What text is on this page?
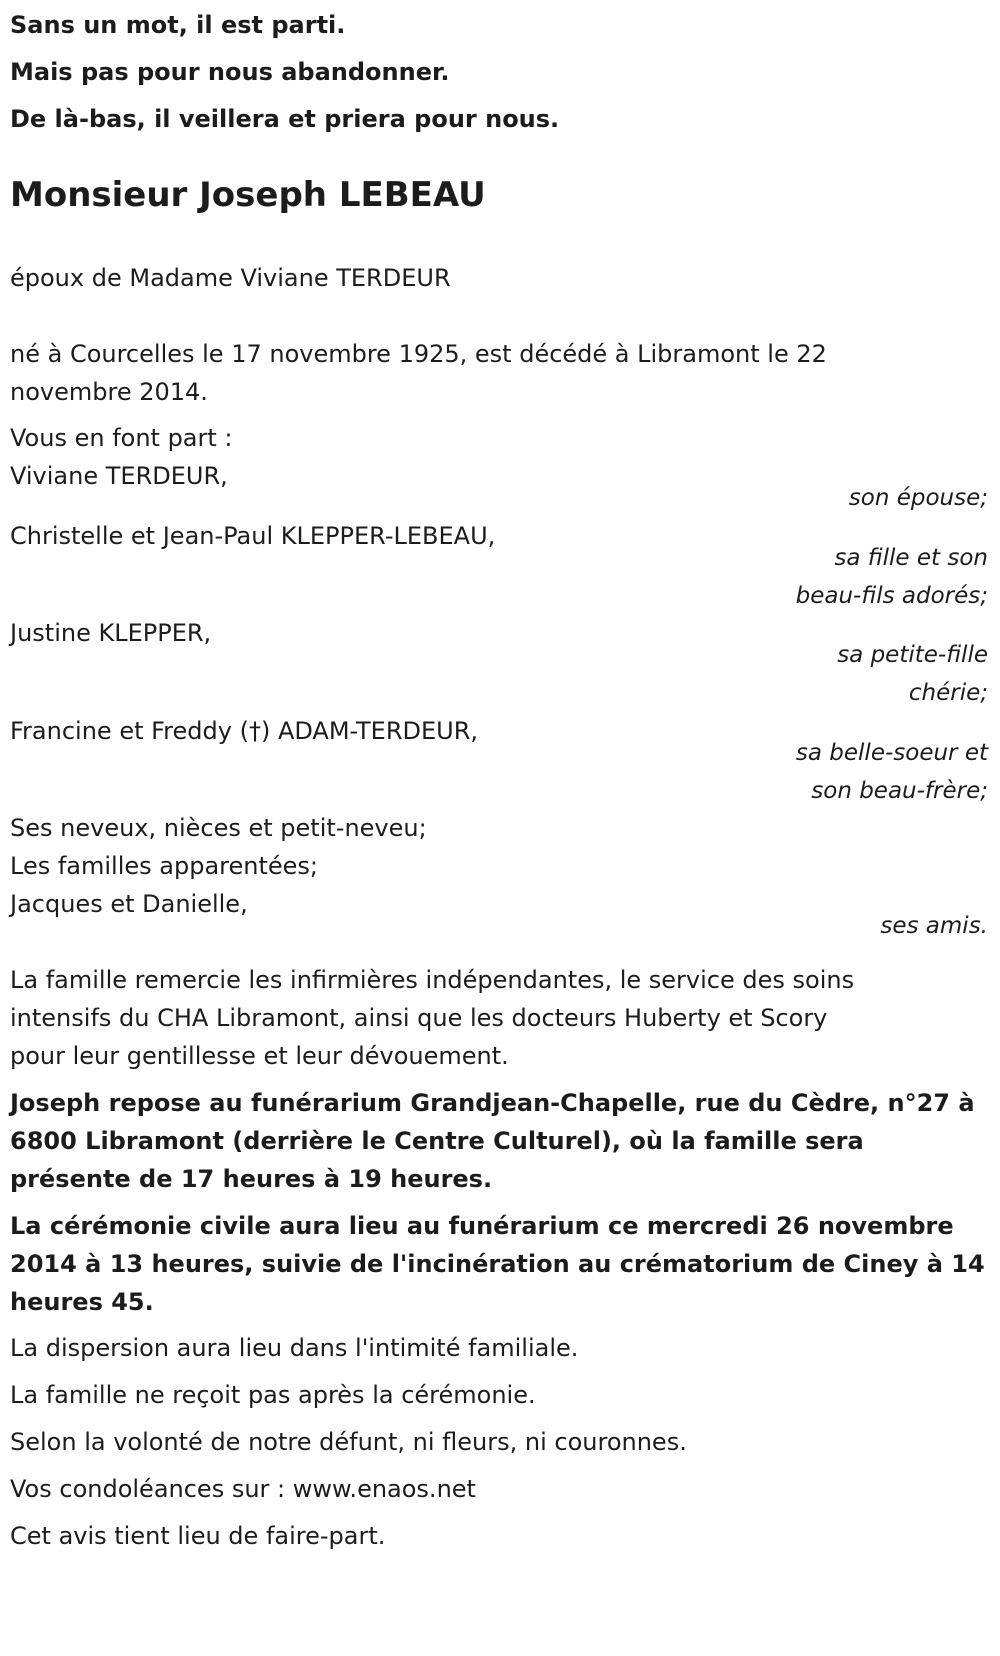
Sans un mot, il est parti.
Mais pas pour nous abandonner.
De là-bas, il veillera et priera pour nous.
Monsieur Joseph LEBEAU
époux de Madame Viviane TERDEUR
né à Courcelles le 17 novembre 1925, est décédé à Libramont le 22
novembre 2014.
Vous en font part :
Viviane TERDEUR,
son épouse;
Christelle et Jean-Paul KLEPPER-LEBEAU,
sa fille et son
beau-fils adorés;
Justine KLEPPER,
sa petite-fille
chérie;
Francine et Freddy (†) ADAM-TERDEUR,
sa belle-soeur et
son beau-frère;
Ses neveux, nièces et petit-neveu;
Les familles apparentées;
Jacques et Danielle,
ses amis.
La famille remercie les infirmières indépendantes, le service des soins
intensifs du CHA Libramont, ainsi que les docteurs Huberty et Scory
pour leur gentillesse et leur dévouement.
Joseph repose au funérarium Grandjean-Chapelle, rue du Cèdre, n°27 à
6800 Libramont (derrière le Centre Culturel), où la famille sera
présente de 17 heures à 19 heures.
La cérémonie civile aura lieu au funérarium ce mercredi 26 novembre
2014 à 13 heures, suivie de l'incinération au crématorium de Ciney à 14
heures 45.
La dispersion aura lieu dans l'intimité familiale.
La famille ne reçoit pas après la cérémonie.
Selon la volonté de notre défunt, ni fleurs, ni couronnes.
Vos condoléances sur : www.enaos.net
Cet avis tient lieu de faire-part.
